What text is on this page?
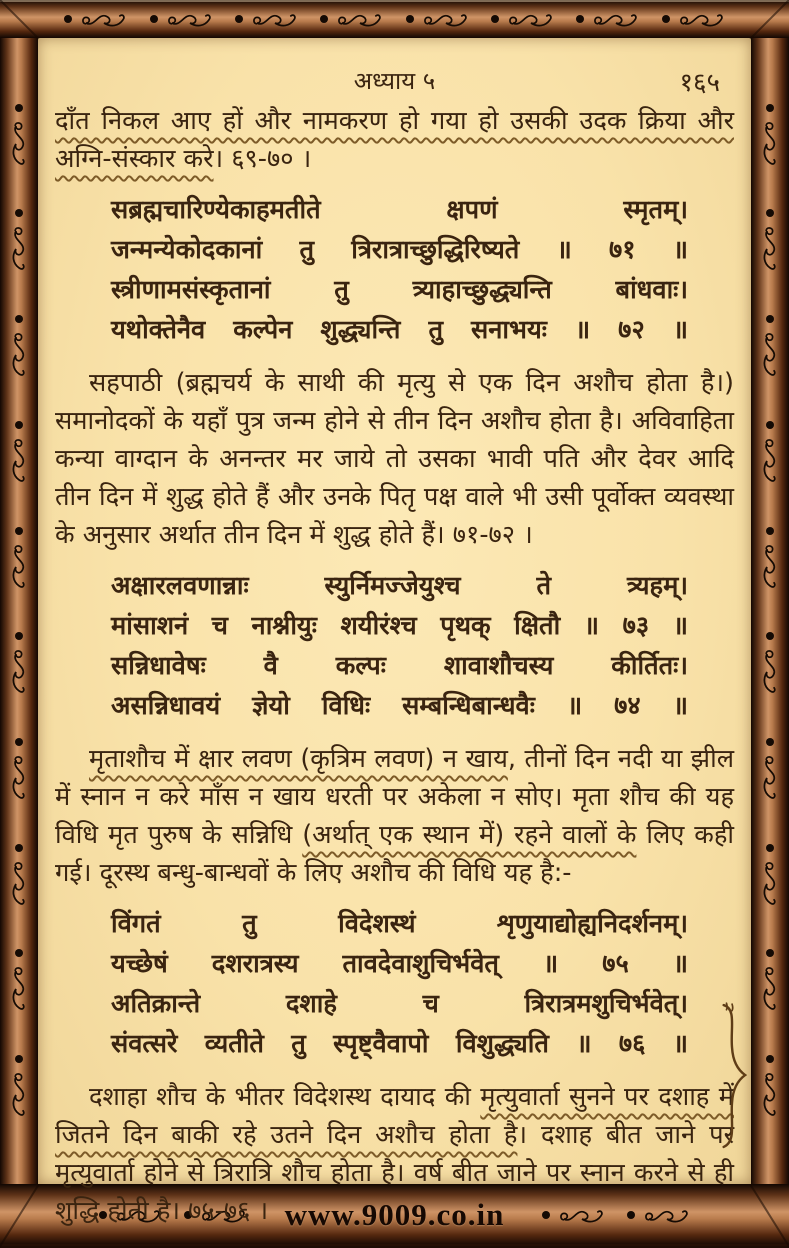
www.9009.co.in
अध्याय ५	१६५

दाँत निकल आए हों और नामकरण हो गया हो उसकी उदक क्रिया और अग्नि-संस्कार करे। ६९-७० ।

सब्रह्मचारिण्येकाहमतीते क्षपणं स्मृतम्।
जन्मन्येकोदकानां तु त्रिरात्राच्छुद्धिरिष्यते ॥ ७१ ॥
स्त्रीणामसंस्कृतानां तु त्र्याहाच्छुद्ध्यन्ति बांधवाः।
यथोक्तेनैव कल्पेन शुद्ध्यन्ति तु सनाभयः ॥ ७२ ॥

सहपाठी (ब्रह्मचर्य के साथी की मृत्यु से एक दिन अशौच होता है।) समानोदकों के यहाँ पुत्र जन्म होने से तीन दिन अशौच होता है। अविवाहिता कन्या वाग्दान के अनन्तर मर जाये तो उसका भावी पति और देवर आदि तीन दिन में शुद्ध होते हैं और उनके पितृ पक्ष वाले भी उसी पूर्वोक्त व्यवस्था के अनुसार अर्थात तीन दिन में शुद्ध होते हैं। ७१-७२ ।

अक्षारलवणान्नाः स्युर्निमज्जेयुश्च ते त्र्यहम्।
मांसाशनं च नाश्नीयुः शयीरंश्च पृथक् क्षितौ ॥ ७३ ॥
सन्निधावेषः वै कल्पः शावाशौचस्य कीर्तितः।
असन्निधावयं ज्ञेयो विधिः सम्बन्धिबान्धवैः ॥ ७४ ॥

मृताशौच में क्षार लवण (कृत्रिम लवण) न खाय, तीनों दिन नदी या झील में स्नान न करे माँस न खाय धरती पर अकेला न सोए। मृता शौच की यह विधि मृत पुरुष के सन्निधि (अर्थात् एक स्थान में) रहने वालों के लिए कही गई। दूरस्थ बन्धु-बान्धवों के लिए अशौच की विधि यह है:-

विंगतं तु विदेशस्थं शृणुयाद्योह्यनिदर्शनम्।
यच्छेषं दशरात्रस्य तावदेवाशुचिर्भवेत् ॥ ७५ ॥
अतिक्रान्ते दशाहे च त्रिरात्रमशुचिर्भवेत्।
संवत्सरे व्यतीते तु स्पृष्ट्वैवापो विशुद्ध्यति ॥ ७६ ॥

दशाहा शौच के भीतर विदेशस्थ दायाद की मृत्युवार्ता सुनने पर दशाह में जितने दिन बाकी रहे उतने दिन अशौच होता है। दशाह बीत जाने पर मृत्युवार्ता होने से त्रिरात्रि शौच होता है। वर्ष बीत जाने पर स्नान करने से ही शुद्धि होती है। ७५-७६ ।
